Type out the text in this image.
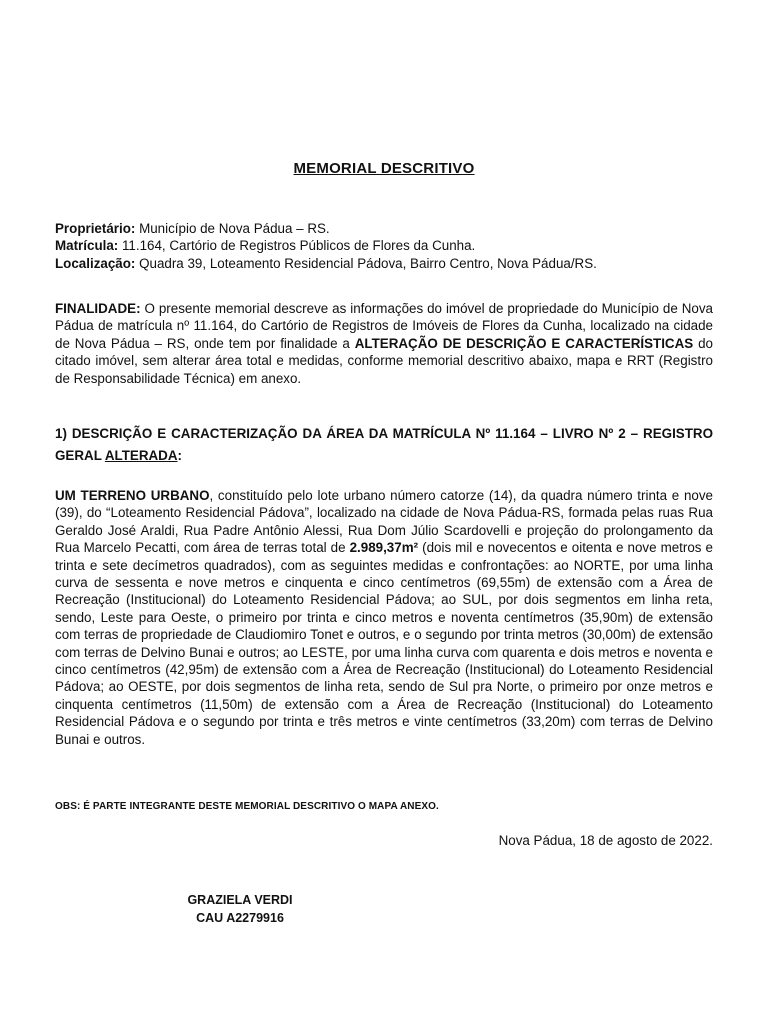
MEMORIAL DESCRITIVO
Proprietário: Município de Nova Pádua – RS.
Matrícula: 11.164, Cartório de Registros Públicos de Flores da Cunha.
Localização: Quadra 39, Loteamento Residencial Pádova, Bairro Centro, Nova Pádua/RS.
FINALIDADE: O presente memorial descreve as informações do imóvel de propriedade do Município de Nova Pádua de matrícula nº 11.164, do Cartório de Registros de Imóveis de Flores da Cunha, localizado na cidade de Nova Pádua – RS, onde tem por finalidade a ALTERAÇÃO DE DESCRIÇÃO E CARACTERÍSTICAS do citado imóvel, sem alterar área total e medidas, conforme memorial descritivo abaixo, mapa e RRT (Registro de Responsabilidade Técnica) em anexo.
1) DESCRIÇÃO E CARACTERIZAÇÃO DA ÁREA DA MATRÍCULA Nº 11.164 – LIVRO Nº 2 – REGISTRO GERAL ALTERADA:
UM TERRENO URBANO, constituído pelo lote urbano número catorze (14), da quadra número trinta e nove (39), do “Loteamento Residencial Pádova”, localizado na cidade de Nova Pádua-RS, formada pelas ruas Rua Geraldo José Araldi, Rua Padre Antônio Alessi, Rua Dom Júlio Scardovelli e projeção do prolongamento da Rua Marcelo Pecatti, com área de terras total de 2.989,37m² (dois mil e novecentos e oitenta e nove metros e trinta e sete decímetros quadrados), com as seguintes medidas e confrontações: ao NORTE, por uma linha curva de sessenta e nove metros e cinquenta e cinco centímetros (69,55m) de extensão com a Área de Recreação (Institucional) do Loteamento Residencial Pádova; ao SUL, por dois segmentos em linha reta, sendo, Leste para Oeste, o primeiro por trinta e cinco metros e noventa centímetros (35,90m) de extensão com terras de propriedade de Claudiomiro Tonet e outros, e o segundo por trinta metros (30,00m) de extensão com terras de Delvino Bunai e outros; ao LESTE, por uma linha curva com quarenta e dois metros e noventa e cinco centímetros (42,95m) de extensão com a Área de Recreação (Institucional) do Loteamento Residencial Pádova; ao OESTE, por dois segmentos de linha reta, sendo de Sul pra Norte, o primeiro por onze metros e cinquenta centímetros (11,50m) de extensão com a Área de Recreação (Institucional) do Loteamento Residencial Pádova e o segundo por trinta e três metros e vinte centímetros (33,20m) com terras de Delvino Bunai e outros.
OBS: É PARTE INTEGRANTE DESTE MEMORIAL DESCRITIVO O MAPA ANEXO.
Nova Pádua, 18 de agosto de 2022.
GRAZIELA VERDI
CAU A2279916
